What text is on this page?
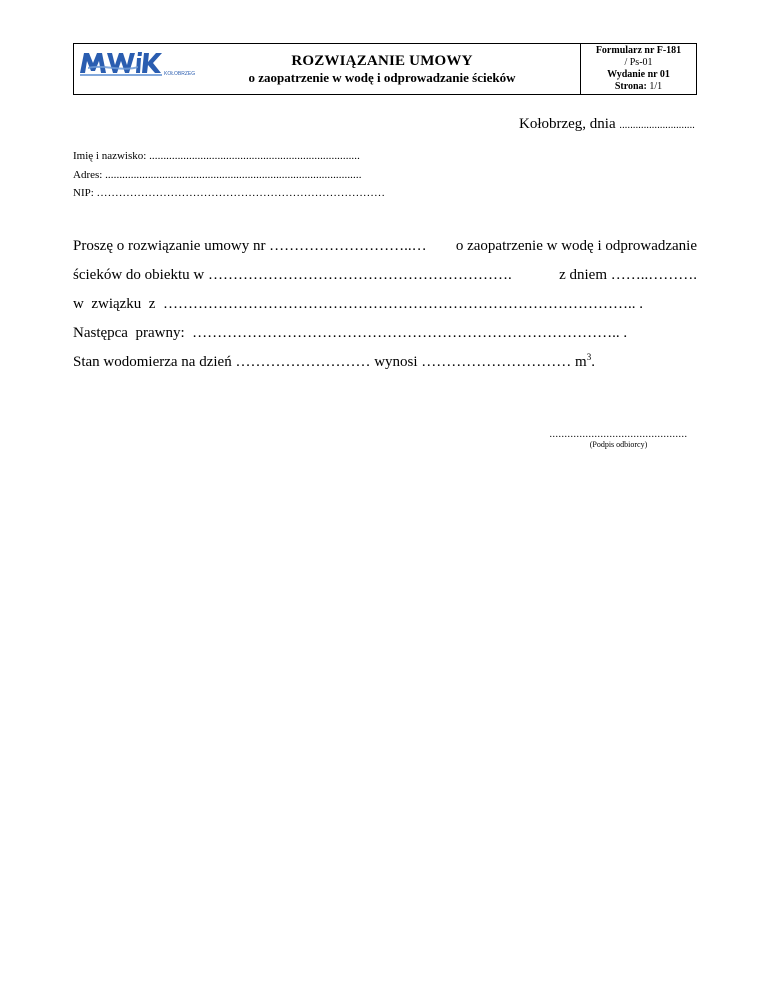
KOŁOBRZEG
ROZWIĄZANIE UMOWY
o zaopatrzenie w wodę i odprowadzanie ścieków
Formularz nr F-181
/ Ps-01
Wydanie nr 01
Strona: 1/1
Kołobrzeg, dnia ............................
Imię i nazwisko: ..........................................................................
Adres: ..........................................................................................
NIP: ……………………………………………………………………
Proszę o rozwiązanie umowy nr ………………………..… o zaopatrzenie w wodę i odprowadzanie
ścieków do obiektu w …………………………………………………….	z dniem ……..……….
w  związku  z  ………………………………………………………………………………….. .
Następca  prawny:  ………………………………………………………………………….. .
Stan wodomierza na dzień ……………………… wynosi ………………………… $m^3$.
..............................................
(Podpis odbiorcy)
